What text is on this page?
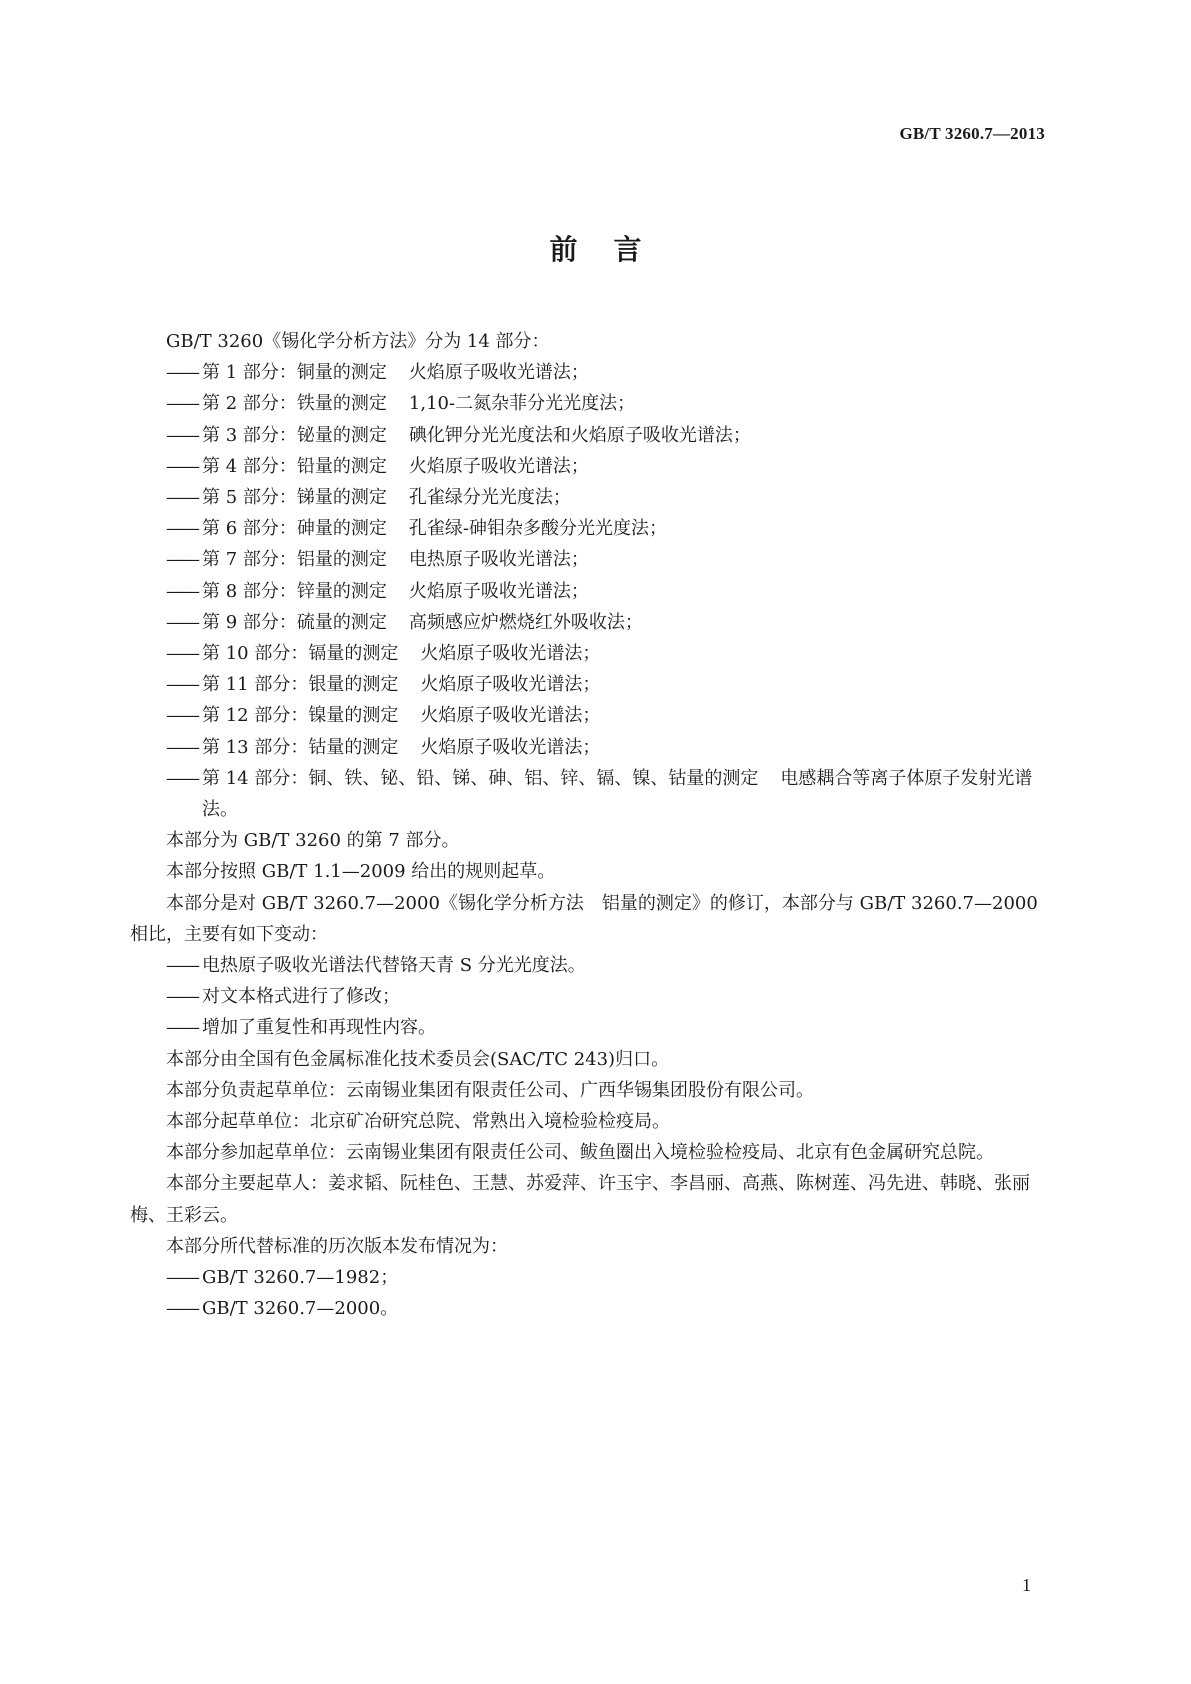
GB/T 3260.7—2013
前言

GB/T 3260《锡化学分析方法》分为 14 部分：

—— 第 1 部分：铜量的测定 火焰原子吸收光谱法；

—— 第 2 部分：铁量的测定 1,10-二氮杂菲分光光度法；

—— 第 3 部分：铋量的测定 碘化钾分光光度法和火焰原子吸收光谱法；

—— 第 4 部分：铅量的测定 火焰原子吸收光谱法；

—— 第 5 部分：锑量的测定 孔雀绿分光光度法；

—— 第 6 部分：砷量的测定 孔雀绿-砷钼杂多酸分光光度法；

—— 第 7 部分：铝量的测定 电热原子吸收光谱法；

—— 第 8 部分：锌量的测定 火焰原子吸收光谱法；

—— 第 9 部分：硫量的测定 高频感应炉燃烧红外吸收法；

—— 第 10 部分：镉量的测定 火焰原子吸收光谱法；

—— 第 11 部分：银量的测定 火焰原子吸收光谱法；

—— 第 12 部分：镍量的测定 火焰原子吸收光谱法；

—— 第 13 部分：钴量的测定 火焰原子吸收光谱法；

—— 第 14 部分：铜、铁、铋、铅、锑、砷、铝、锌、镉、镍、钴量的测定 电感耦合等离子体原子发射光谱法。

本部分为 GB/T 3260 的第 7 部分。

本部分按照 GB/T 1.1—2009 给出的规则起草。

本部分是对 GB/T 3260.7—2000《锡化学分析方法　铝量的测定》的修订，本部分与 GB/T 3260.7—2000 相比，主要有如下变动：

—— 电热原子吸收光谱法代替铬天青 S 分光光度法。

—— 对文本格式进行了修改；

—— 增加了重复性和再现性内容。

本部分由全国有色金属标准化技术委员会(SAC/TC 243)归口。

本部分负责起草单位：云南锡业集团有限责任公司、广西华锡集团股份有限公司。

本部分起草单位：北京矿冶研究总院、常熟出入境检验检疫局。

本部分参加起草单位：云南锡业集团有限责任公司、鲅鱼圈出入境检验检疫局、北京有色金属研究总院。

本部分主要起草人：姜求韬、阮桂色、王慧、苏爱萍、许玉宇、李昌丽、高燕、陈树莲、冯先进、韩晓、张丽梅、王彩云。

本部分所代替标准的历次版本发布情况为：

—— GB/T 3260.7—1982；

—— GB/T 3260.7—2000。

1
